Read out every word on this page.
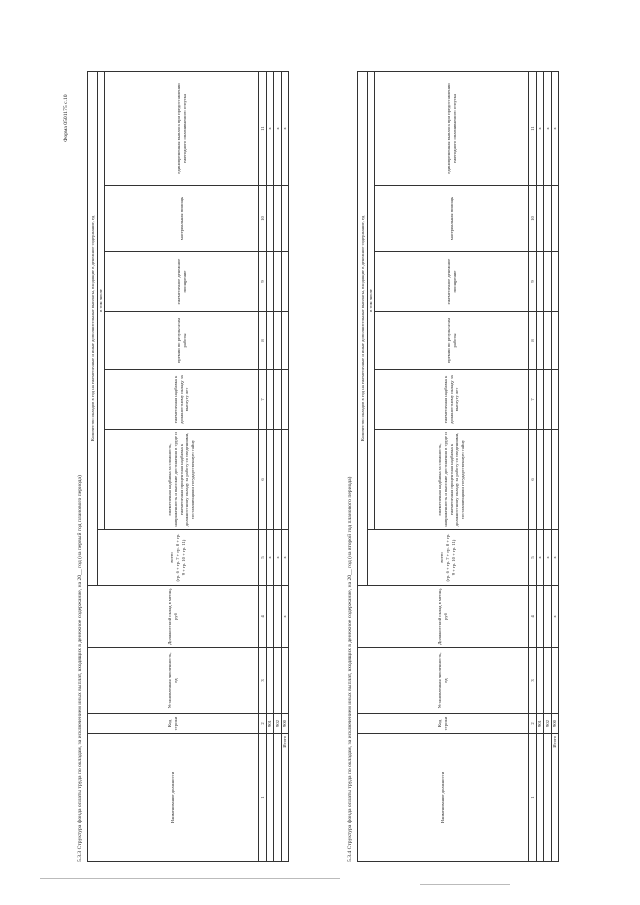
Форма 0501175 с.10
5.3.3 Структура фонда оплаты труда по окладам, за исключением иных выплат, входящих в денежное содержание, на 20__ год (на первый год планового периода)	Наименование должности	Код строки	Установленная численность, ед	Должностной оклад в месяц, руб	Количество окладов в год на ежемесячные и иные дополнительные выплаты, входящие в денежное содержание, ед						
				всего
(гр. 6 + гр. 7 + гр. 8 + гр. 9 + гр. 10 + гр. 11)	в том числе					
					ежемесячная надбавка за сложность, напряженность и высокие достижения в труде и ежемесячная процентная надбавка к должностному окладу за работу со сведениями, составляющими государственную тайну	ежемесячная надбавка к должностному окладу за выслугу лет	премии по результатам работы	ежемесячное денежное поощрение	материальная помощь	единовременная выплата при предоставлении ежегодного оплачиваемого отпуска
1	2	3	4	5	6	7	8	9	10	11
	901			x						x
	902			x						x
Итого	900		x	x						x
5.3.4 Структура фонда оплаты труда по окладам, за исключением иных выплат, входящих в денежное содержание, на 20__ год (на второй год планового периода)	Наименование должности	Код строки	Установленная численность, ед	Должностной оклад в месяц, руб	Количество окладов в год на ежемесячные и иные дополнительные выплаты, входящие в денежное содержание, ед						
				всего
(гр. 6 + гр. 7 + гр. 8 + гр. 9 + гр. 10 + гр. 11)	в том числе					
					ежемесячная надбавка за сложность, напряженность и высокие достижения в труде и ежемесячная процентная надбавка к должностному окладу за работу со сведениями, составляющими государственную тайну	ежемесячная надбавка к должностному окладу за выслугу лет	премии по результатам работы	ежемесячное денежное поощрение	материальная помощь	единовременная выплата при предоставлении ежегодного оплачиваемого отпуска
1	2	3	4	5	6	7	8	9	10	11
	901			x						x
	902			x						x
Итого	900		x	x						x
